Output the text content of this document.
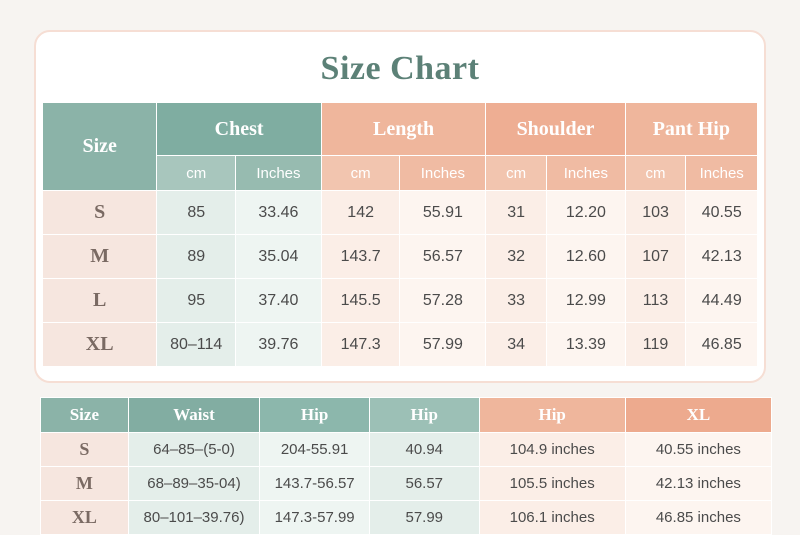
Size Chart
Size	Chest		Length		Shoulder		Pant Hip	
	cm	Inches	cm	Inches	cm	Inches	cm	Inches
S	85	33.46	142	55.91	31	12.20	103	40.55
M	89	35.04	143.7	56.57	32	12.60	107	42.13
L	95	37.40	145.5	57.28	33	12.99	113	44.49
XL	80–114	39.76	147.3	57.99	34	13.39	119	46.85
Size	Waist	Hip	Hip	Hip	XL
S	64–85–(5-0)	204-55.91	40.94	104.9 inches	40.55 inches
M	68–89–35-04)	143.7-56.57	56.57	105.5 inches	42.13 inches
XL	80–101–39.76)	147.3-57.99	57.99	106.1 inches	46.85 inches
